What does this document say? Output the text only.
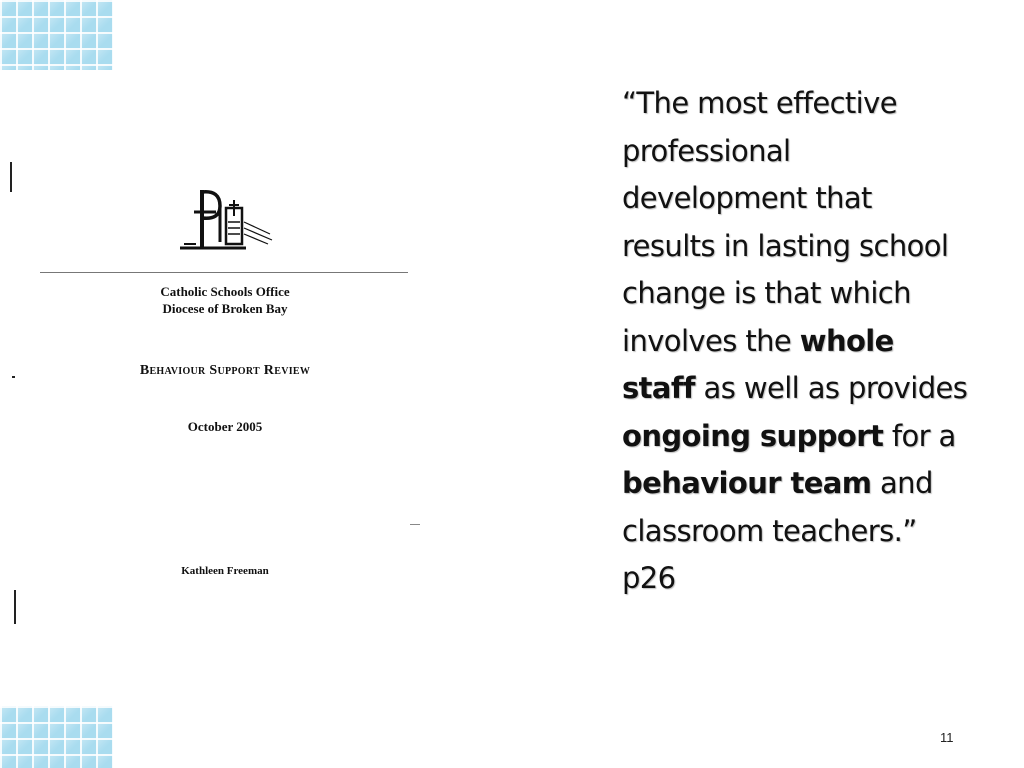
Catholic Schools Office
Diocese of Broken Bay
Behaviour Support Review
October 2005
Kathleen Freeman

“The most effective
professional
development that
results in lasting school
change is that which
involves the whole
staff as well as provides
ongoing support for a
behaviour team and
classroom teachers.”
p26

11
